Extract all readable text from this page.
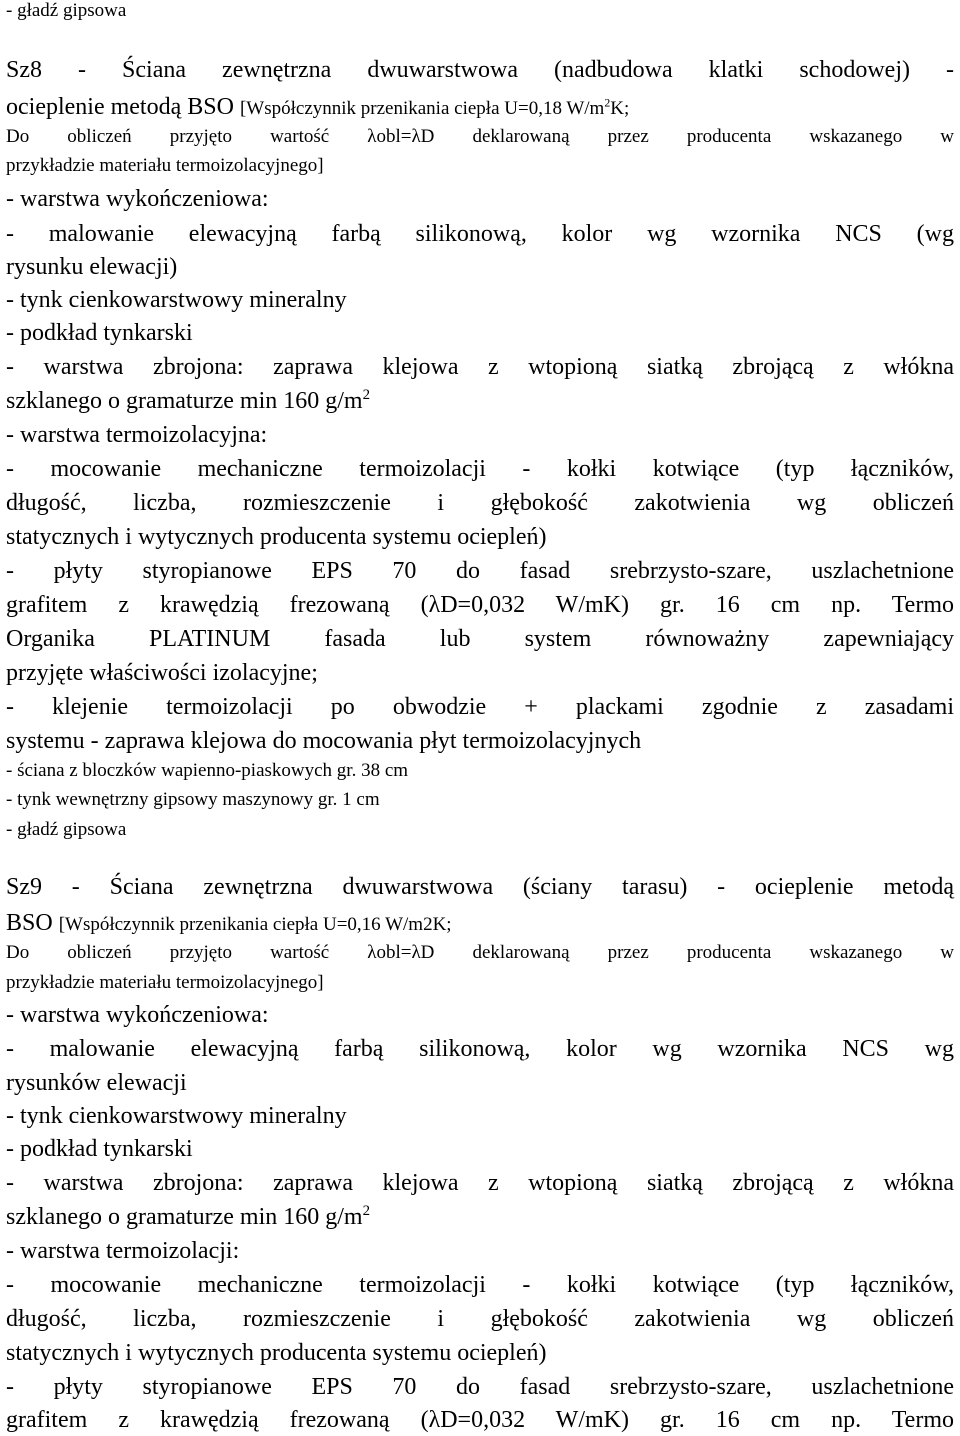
- gładź gipsowa
Sz8 - Ściana zewnętrzna dwuwarstwowa (nadbudowa klatki schodowej) -
ocieplenie metodą BSO [Współczynnik przenikania ciepła U=0,18 $W/m^2K$;
Do obliczeń przyjęto wartość λobl=λD deklarowaną przez producenta wskazanego w
przykładzie materiału termoizolacyjnego]
- warstwa wykończeniowa:
- malowanie elewacyjną farbą silikonową, kolor wg wzornika NCS (wg
rysunku elewacji)
- tynk cienkowarstwowy mineralny
- podkład tynkarski
- warstwa zbrojona: zaprawa klejowa z wtopioną siatką zbrojącą z włókna
szklanego o gramaturze min 160 $g/m^2$
- warstwa termoizolacyjna:
- mocowanie mechaniczne termoizolacji - kołki kotwiące (typ łączników,
długość, liczba, rozmieszczenie i głębokość zakotwienia wg obliczeń
statycznych i wytycznych producenta systemu ociepleń)
- płyty styropianowe EPS 70 do fasad srebrzysto-szare, uszlachetnione
grafitem z krawędzią frezowaną (λD=0,032 W/mK) gr. 16 cm np. Termo
Organika PLATINUM fasada lub system równoważny zapewniający
przyjęte właściwości izolacyjne;
- klejenie termoizolacji po obwodzie + plackami zgodnie z zasadami
systemu - zaprawa klejowa do mocowania płyt termoizolacyjnych
- ściana z bloczków wapienno-piaskowych gr. 38 cm
- tynk wewnętrzny gipsowy maszynowy gr. 1 cm
- gładź gipsowa
Sz9 - Ściana zewnętrzna dwuwarstwowa (ściany tarasu) - ocieplenie metodą
BSO [Współczynnik przenikania ciepła U=0,16 W/m2K;
Do obliczeń przyjęto wartość λobl=λD deklarowaną przez producenta wskazanego w
przykładzie materiału termoizolacyjnego]
- warstwa wykończeniowa:
- malowanie elewacyjną farbą silikonową, kolor wg wzornika NCS wg
rysunków elewacji
- tynk cienkowarstwowy mineralny
- podkład tynkarski
- warstwa zbrojona: zaprawa klejowa z wtopioną siatką zbrojącą z włókna
szklanego o gramaturze min 160 $g/m^2$
- warstwa termoizolacji:
- mocowanie mechaniczne termoizolacji - kołki kotwiące (typ łączników,
długość, liczba, rozmieszczenie i głębokość zakotwienia wg obliczeń
statycznych i wytycznych producenta systemu ociepleń)
- płyty styropianowe EPS 70 do fasad srebrzysto-szare, uszlachetnione
grafitem z krawędzią frezowaną (λD=0,032 W/mK) gr. 16 cm np. Termo
